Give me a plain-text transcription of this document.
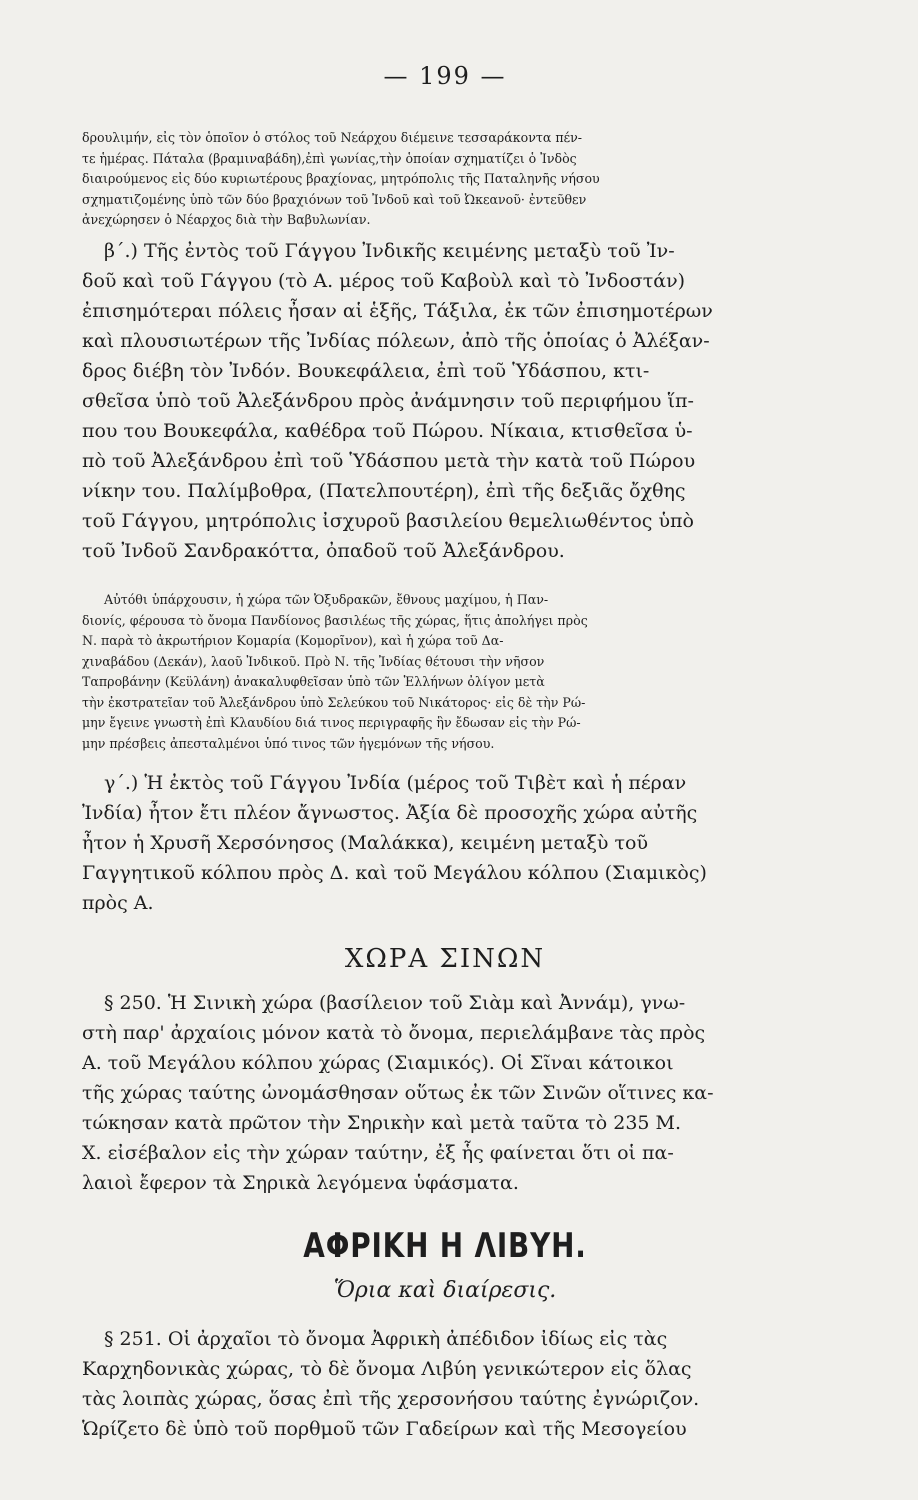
— 199 —
δρουλιμήν, εἰς τὸν ὁποῖον ὁ στόλος τοῦ Νεάρχου διέμεινε τεσσαράκοντα πέν-
τε ἡμέρας. Πάταλα (βραμιναβάδη),ἐπὶ γωνίας,τὴν ὁποίαν σχηματίζει ὁ Ἰνδὸς
διαιρούμενος εἰς δύο κυριωτέρους βραχίονας, μητρόπολις τῆς Παταληνῆς νήσου
σχηματιζομένης ὑπὸ τῶν δύο βραχιόνων τοῦ Ἰνδοῦ καὶ τοῦ Ὠκεανοῦ· ἐντεῦθεν
ἀνεχώρησεν ὁ Νέαρχος διὰ τὴν Βαβυλωνίαν.
β΄.) Τῆς ἐντὸς τοῦ Γάγγου Ἰνδικῆς κειμένης μεταξὺ τοῦ Ἰν-
δοῦ καὶ τοῦ Γάγγου (τὸ Α. μέρος τοῦ Καβοὺλ καὶ τὸ Ἰνδοστάν)
ἐπισημότεραι πόλεις ἦσαν αἱ ἑξῆς, Τάξιλα, ἐκ τῶν ἐπισημοτέρων
καὶ πλουσιωτέρων τῆς Ἰνδίας πόλεων, ἀπὸ τῆς ὁποίας ὁ Ἀλέξαν-
δρος διέβη τὸν Ἰνδόν. Βουκεφάλεια, ἐπὶ τοῦ Ὑδάσπου, κτι-
σθεῖσα ὑπὸ τοῦ Ἀλεξάνδρου πρὸς ἀνάμνησιν τοῦ περιφήμου ἵπ-
που του Βουκεφάλα, καθέδρα τοῦ Πώρου. Νίκαια, κτισθεῖσα ὑ-
πὸ τοῦ Ἀλεξάνδρου ἐπὶ τοῦ Ὑδάσπου μετὰ τὴν κατὰ τοῦ Πώρου
νίκην του. Παλίμβοθρα, (Πατελπουτέρη), ἐπὶ τῆς δεξιᾶς ὄχθης
τοῦ Γάγγου, μητρόπολις ἰσχυροῦ βασιλείου θεμελιωθέντος ὑπὸ
τοῦ Ἰνδοῦ Σανδρακόττα, ὀπαδοῦ τοῦ Ἀλεξάνδρου.
Αὐτόθι ὑπάρχουσιν, ἡ χώρα τῶν Ὀξυδρακῶν, ἔθνους μαχίμου, ἡ Παν-
διονίς, φέρουσα τὸ ὄνομα Πανδίονος βασιλέως τῆς χώρας, ἥτις ἀπολήγει πρὸς
Ν. παρὰ τὸ ἀκρωτήριον Κομαρία (Κομορῖνον), καὶ ἡ χώρα τοῦ Δα-
χιναβάδου (Δεκάν), λαοῦ Ἰνδικοῦ. Πρὸ Ν. τῆς Ἰνδίας θέτουσι τὴν νῆσον
Ταπροβάνην (Κεϋλάνη) ἀνακαλυφθεῖσαν ὑπὸ τῶν Ἑλλήνων ὀλίγον μετὰ
τὴν ἐκστρατεῖαν τοῦ Ἀλεξάνδρου ὑπὸ Σελεύκου τοῦ Νικάτορος· εἰς δὲ τὴν Ρώ-
μην ἔγεινε γνωστὴ ἐπὶ Κλαυδίου διά τινος περιγραφῆς ἣν ἔδωσαν εἰς τὴν Ρώ-
μην πρέσβεις ἀπεσταλμένοι ὑπό τινος τῶν ἡγεμόνων τῆς νήσου.
γ΄.) Ἡ ἐκτὸς τοῦ Γάγγου Ἰνδία (μέρος τοῦ Τιβὲτ καὶ ἡ πέραν
Ἰνδία) ἦτον ἔτι πλέον ἄγνωστος. Ἀξία δὲ προσοχῆς χώρα αὐτῆς
ἦτον ἡ Χρυσῆ Χερσόνησος (Μαλάκκα), κειμένη μεταξὺ τοῦ
Γαγγητικοῦ κόλπου πρὸς Δ. καὶ τοῦ Μεγάλου κόλπου (Σιαμικὸς)
πρὸς Α.
ΧΩΡΑ ΣΙΝΩΝ
§ 250. Ἡ Σινικὴ χώρα (βασίλειον τοῦ Σιὰμ καὶ Ἀννάμ), γνω-
στὴ παρ' ἀρχαίοις μόνον κατὰ τὸ ὄνομα, περιελάμβανε τὰς πρὸς
Α. τοῦ Μεγάλου κόλπου χώρας (Σιαμικός). Οἱ Σῖναι κάτοικοι
τῆς χώρας ταύτης ὠνομάσθησαν οὕτως ἐκ τῶν Σινῶν οἵτινες κα-
τώκησαν κατὰ πρῶτον τὴν Σηρικὴν καὶ μετὰ ταῦτα τὸ 235 Μ.
Χ. εἰσέβαλον εἰς τὴν χώραν ταύτην, ἐξ ἧς φαίνεται ὅτι οἱ πα-
λαιοὶ ἔφερον τὰ Σηρικὰ λεγόμενα ὑφάσματα.
ΑΦΡΙΚΗ Η ΛΙΒΥΗ.
Ὅρια καὶ διαίρεσις.
§ 251. Οἱ ἀρχαῖοι τὸ ὄνομα Ἀφρικὴ ἀπέδιδον ἰδίως εἰς τὰς
Καρχηδονικὰς χώρας, τὸ δὲ ὄνομα Λιβύη γενικώτερον εἰς ὅλας
τὰς λοιπὰς χώρας, ὅσας ἐπὶ τῆς χερσονήσου ταύτης ἐγνώριζον.
Ὡρίζετο δὲ ὑπὸ τοῦ πορθμοῦ τῶν Γαδείρων καὶ τῆς Μεσογείου
